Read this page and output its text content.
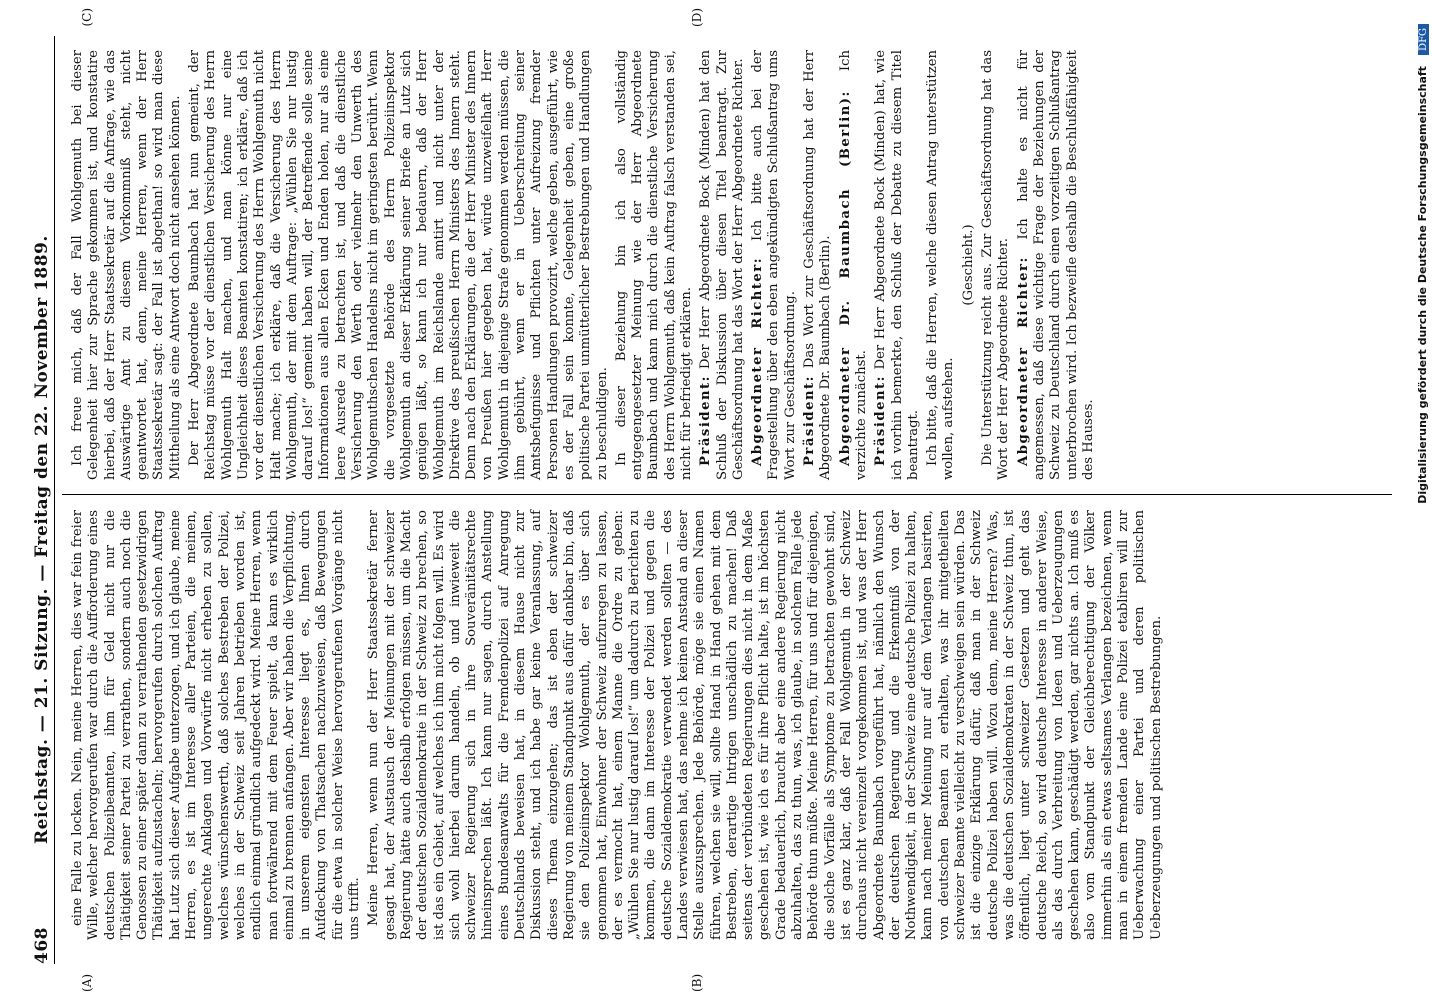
468
Reichstag. — 21. Sitzung. — Freitag den 22. November 1889.
(A)	(B)
(C)	(D)

eine Falle zu locken. Nein, meine Herren, dies war fein freier Wille, welcher hervorgerufen war durch die Aufforderung eines deutschen Polizeibeamten, ihm für Geld nicht nur die Thätigkeit seiner Partei zu verrathen, sondern auch noch die Genossen zu einer später dann zu verrathenden gesetzwidrigen Thätigkeit aufzustacheln; hervorgerufen durch solchen Auftrag hat Lutz sich dieser Aufgabe unterzogen, und ich glaube, meine Herren, es ist im Interesse aller Parteien, die meinen, ungerechte Anklagen und Vorwürfe nicht erheben zu sollen, welches wünschenswerth, daß solches Bestreben der Polizei, welches in der Schweiz seit Jahren betrieben worden ist, endlich einmal gründlich aufgedeckt wird. Meine Herren, wenn man fortwährend mit dem Feuer spielt, da kann es wirklich einmal zu brennen anfangen. Aber wir haben die Verpflichtung, in unserem eigensten Interesse liegt es, Ihnen durch Aufdeckung von Thatsachen nachzuweisen, daß Bewegungen für die etwa in solcher Weise hervorgerufenen Vorgänge nicht uns trifft. Meine Herren, wenn nun der Herr Staatssekretär ferner gesagt hat, der Austausch der Meinungen mit der schweizer Regierung hätte auch deshalb erfolgen müssen, um die Macht der deutschen Sozialdemokratie in der Schweiz zu brechen, so ist das ein Gebiet, auf welches ich ihm nicht folgen will. Es wird sich wohl hierbei darum handeln, ob und inwieweit die schweizer Regierung sich in ihre Souveränitätsrechte hineinsprechen läßt. Ich kann nur sagen, durch Anstellung eines Bundesanwalts für die Fremdenpolizei auf Anregung Deutschlands beweisen hat, in diesem Hause nicht zur Diskussion steht, und ich habe gar keine Veranlassung, auf dieses Thema einzugehen; das ist eben der schweizer Regierung von meinem Standpunkt aus dafür dankbar bin, daß sie den Polizeiinspektor Wohlgemuth, der es über sich genommen hat, Einwohner der Schweiz aufzuregen zu lassen, der es vermocht hat, einem Manne die Ordre zu geben: „Wühlen Sie nur lustig darauf los!“ um dadurch zu Berichten zu kommen, die dann im Interesse der Polizei und gegen die deutsche Sozialdemokratie verwendet werden sollten — des Landes verwiesen hat, das nehme ich keinen Anstand an dieser Stelle auszusprechen. Jede Behörde, möge sie einen Namen führen, welchen sie will, sollte Hand in Hand gehen mit dem Bestreben, derartige Intrigen unschädlich zu machen! Daß seitens der verbündeten Regierungen dies nicht in dem Maße geschehen ist, wie ich es für ihre Pflicht halte, ist im höchsten Grade bedauerlich, braucht aber eine andere Regierung nicht abzuhalten, das zu thun, was, ich glaube, in solchem Falle jede Behörde thun müßte. Meine Herren, für uns und für diejenigen, die solche Vorfälle als Symptome zu betrachten gewohnt sind, ist es ganz klar, daß der Fall Wohlgemuth in der Schweiz durchaus nicht vereinzelt vorgekommen ist, und was der Herr Abgeordnete Baumbach vorgeführt hat, nämlich den Wunsch der deutschen Regierung und die Erkenntniß von der Nothwendigkeit, in der Schweiz eine deutsche Polizei zu halten, kann nach meiner Meinung nur auf dem Verlangen basirten, von deutschen Beamten zu erhalten, was ihr mitgetheilten schweizer Beamte vielleicht zu verschweigen sein würden. Das ist die einzige Erklärung dafür, daß man in der Schweiz deutsche Polizei haben will. Wozu denn, meine Herren? Was, was die deutschen Sozialdemokraten in der Schweiz thun, ist öffentlich, liegt unter schweizer Gesetzen und geht das deutsche Reich, so wird deutsche Interesse in anderer Weise, als das durch Verbreitung von Ideen und Ueberzeugungen geschehen kann, geschädigt werden, gar nichts an. Ich muß es also vom Standpunkt der Gleichberechtigung der Völker immerhin als ein etwas seltsames Verlangen bezeichnen, wenn man in einem fremden Lande eine Polizei etabliren will zur Ueberwachung einer Partei und deren politischen Ueberzeugungen und politischen Bestrebungen.

Ich freue mich, daß der Fall Wohlgemuth bei dieser Gelegenheit hier zur Sprache gekommen ist, und konstatire hierbei, daß der Herr Staatssekretär auf die Anfrage, wie das Auswärtige Amt zu diesem Vorkommniß steht, nicht geantwortet hat, denn, meine Herren, wenn der Herr Staatssekretär sagt: der Fall ist abgethan! so wird man diese Mittheilung als eine Antwort doch nicht ansehen können. Der Herr Abgeordnete Baumbach hat nun gemeint, der Reichstag müsse vor der dienstlichen Versicherung des Herrn Wohlgemuth Halt machen, und man könne nur eine Ungleichheit dieses Beamten konstatiren; ich erkläre, daß ich vor der dienstlichen Versicherung des Herrn Wohlgemuth nicht Halt mache; ich erkläre, daß die Versicherung des Herrn Wohlgemuth, der mit dem Auftrage: „Wühlen Sie nur lustig darauf los!“ gemeint haben will, der Betreffende solle seine Informationen aus allen Ecken und Enden holen, nur als eine leere Ausrede zu betrachten ist, und daß die dienstliche Versicherung den Werth oder vielmehr den Unwerth des Wohlgemuthschen Handelns nicht im geringsten berührt. Wenn die vorgesetzte Behörde des Herrn Polizeiinspektor Wohlgemuth an dieser Erklärung seiner Briefe an Lutz sich genügen läßt, so kann ich nur bedauern, daß der Herr Wohlgemuth im Reichslande amtirt und nicht unter der Direktive des preußischen Herrn Ministers des Innern steht. Denn nach den Erklärungen, die der Herr Minister des Innern von Preußen hier gegeben hat, würde unzweifelhaft Herr Wohlgemuth in diejenige Strafe genommen werden müssen, die ihm gebührt, wenn er in Ueberschreitung seiner Amtsbefugnisse und Pflichten unter Aufreizung fremder Personen Handlungen provozirt, welche geben, ausgeführt, wie es der Fall sein konnte, Gelegenheit geben, eine große politische Partei unmütterlicher Bestrebungen und Handlungen zu beschuldigen. In dieser Beziehung bin ich also vollständig entgegengesetzter Meinung wie der Herr Abgeordnete Baumbach und kann mich durch die dienstliche Versicherung des Herrn Wohlgemuth, daß kein Auftrag falsch verstanden sei, nicht für befriedigt erklären. Präsident: Der Herr Abgeordnete Bock (Minden) hat den Schluß der Diskussion über diesen Titel beantragt. Zur Geschäftsordnung hat das Wort der Herr Abgeordnete Richter. Abgeordneter Richter: Ich bitte auch bei der Fragestellung über den eben angekündigten Schlußantrag ums Wort zur Geschäftsordnung. Präsident: Das Wort zur Geschäftsordnung hat der Herr Abgeordnete Dr. Baumbach (Berlin). Abgeordneter Dr. Baumbach (Berlin): Ich verzichte zunächst. Präsident: Der Herr Abgeordnete Bock (Minden) hat, wie ich vorhin bemerkte, den Schluß der Debatte zu diesem Titel beantragt. Ich bitte, daß die Herren, welche diesen Antrag unterstützen wollen, aufstehen.

(Geschieht.) Die Unterstützung reicht aus. Zur Geschäftsordnung hat das Wort der Herr Abgeordnete Richter. Abgeordneter Richter: Ich halte es nicht für angemessen, daß diese wichtige Frage der Beziehungen der Schweiz zu Deutschland durch einen vorzeitigen Schlußantrag unterbrochen wird. Ich bezweifle deshalb die Beschlußfähigkeit des Hauses.	Digitalisierung gefördert durch die Deutsche Forschungsgemeinschaft DFG
